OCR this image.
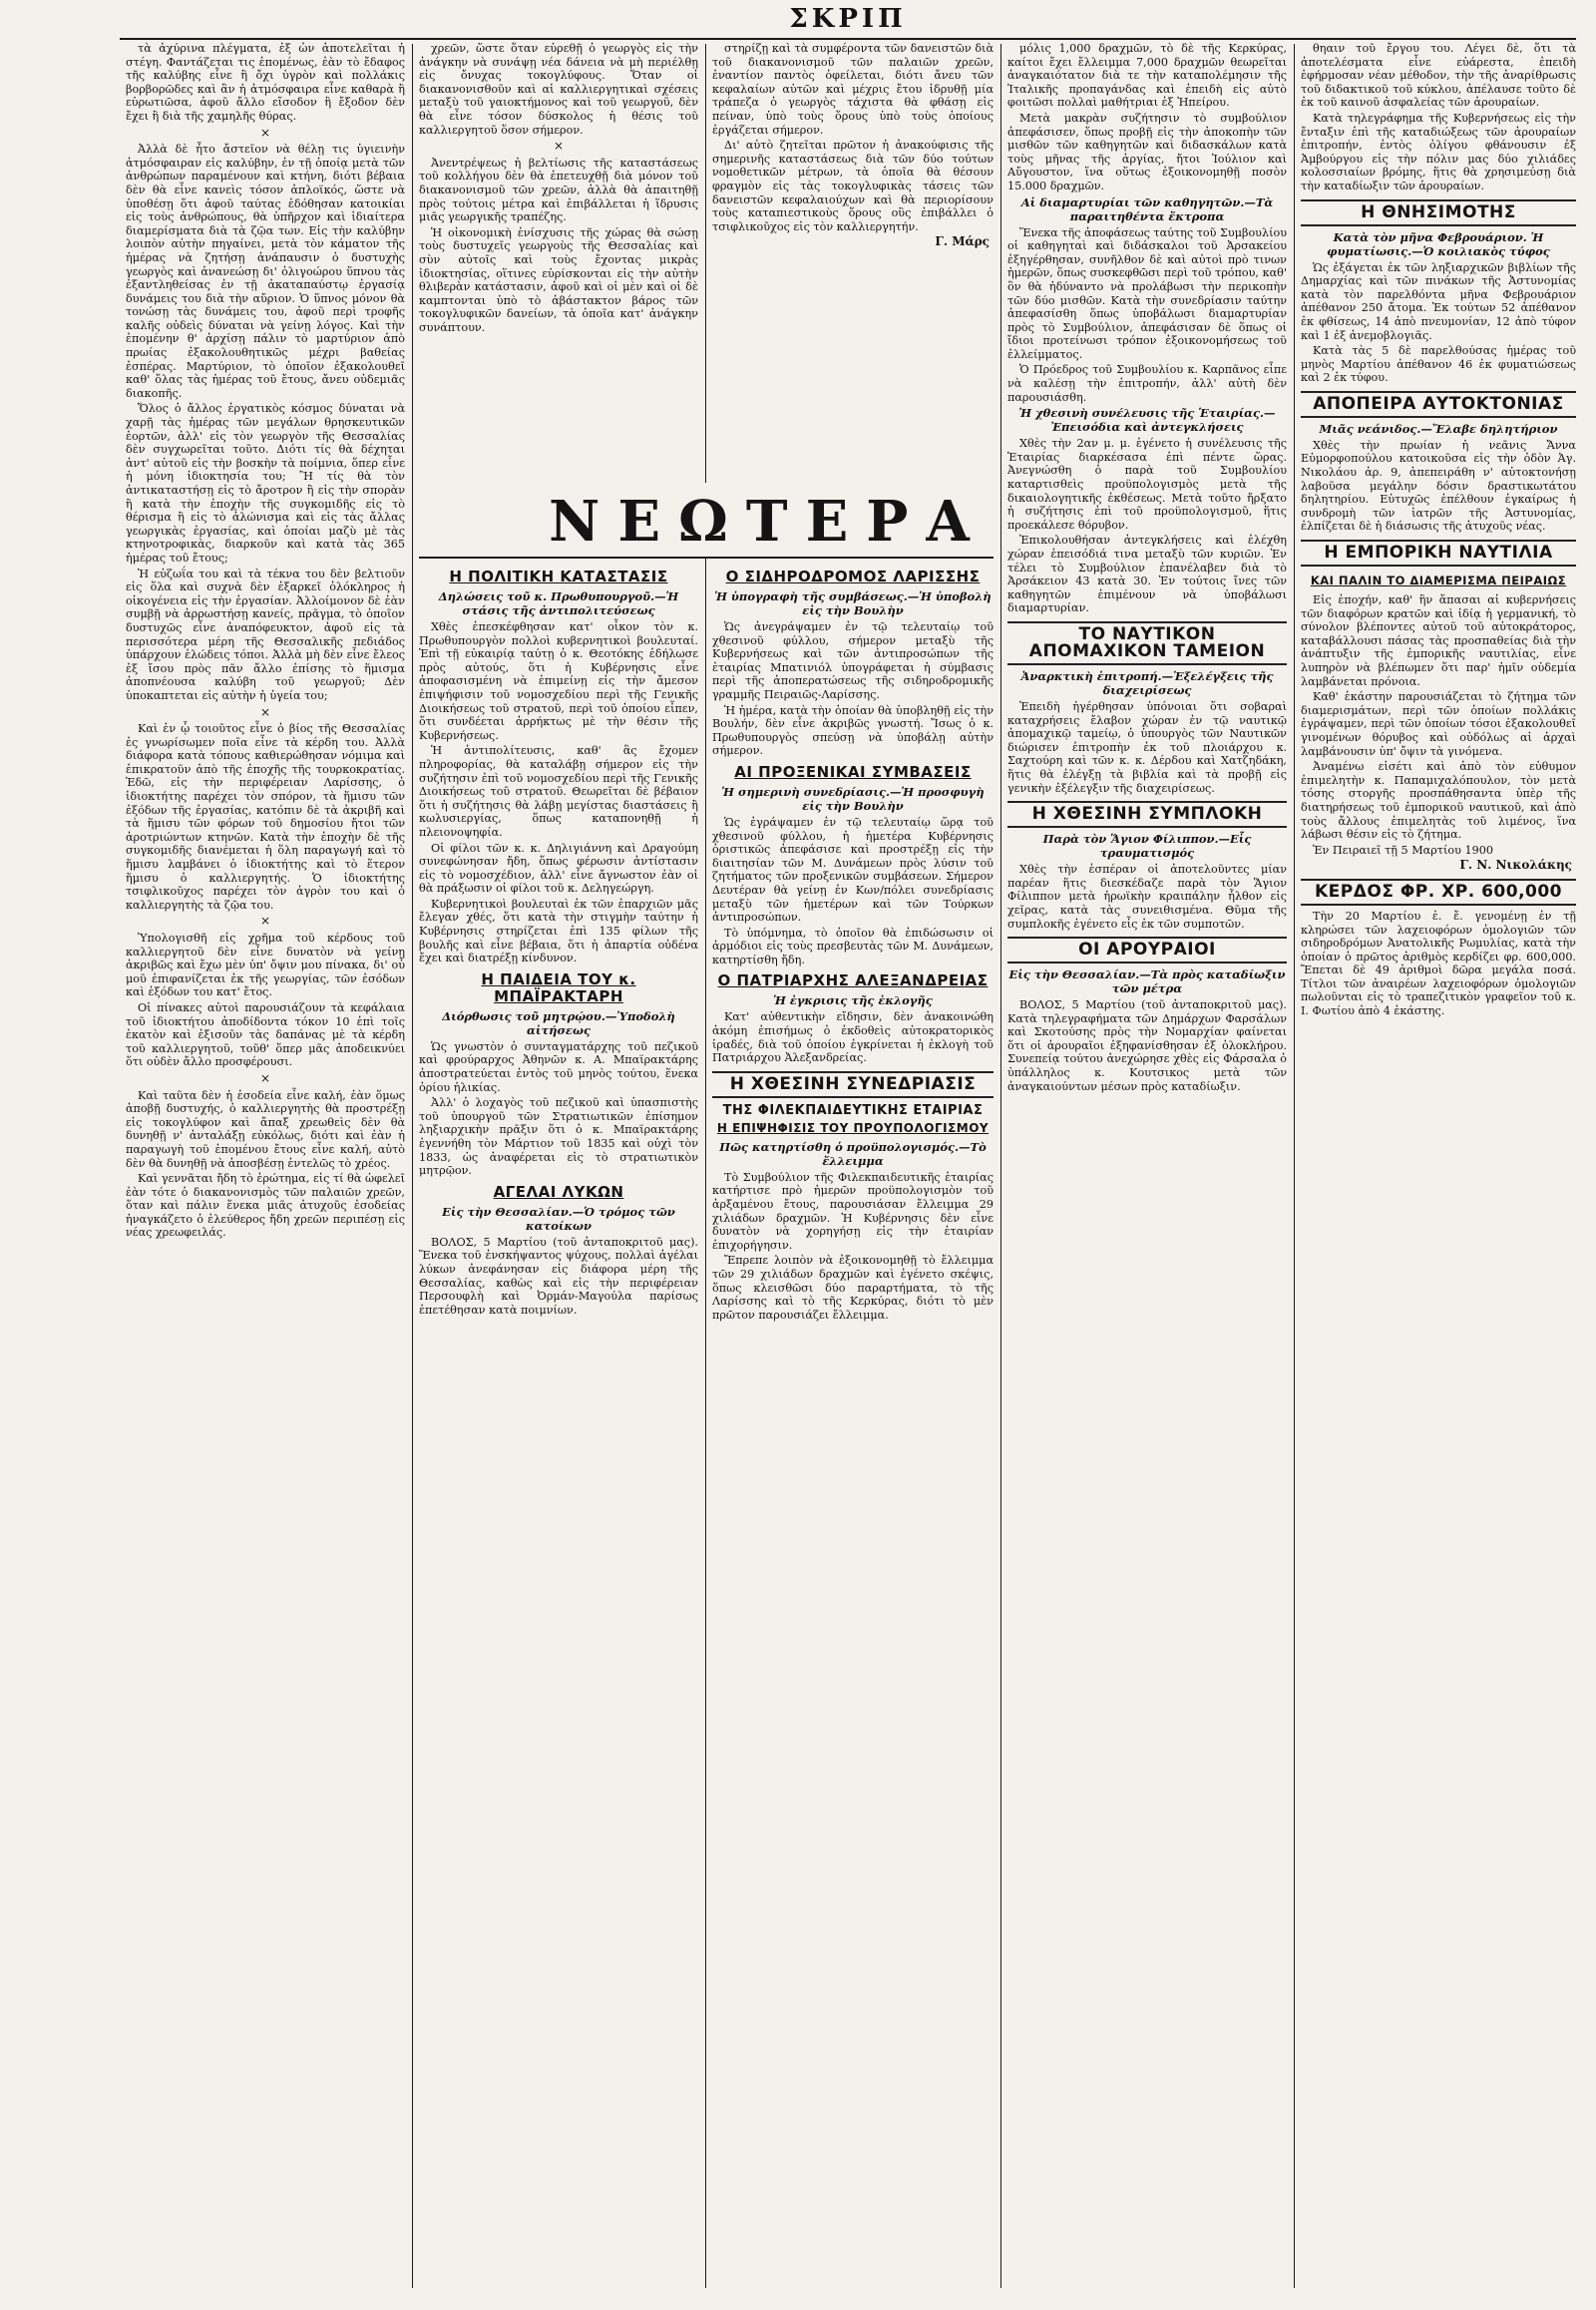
ΣΚΡΙΠ

τὰ ἀχύρινα πλέγματα, ἐξ ὧν ἀποτελεῖται ἡ στέγη. Φαντάζεται τις ἑπομένως, ἐὰν τὸ ἔδαφος τῆς καλύβης εἶνε ἢ ὄχι ὑγρὸν καὶ πολλάκις βορβορῶδες καὶ ἂν ἡ ἀτμόσφαιρα εἶνε καθαρὰ ἢ εὐρωτιῶσα, ἀφοῦ ἄλλο εἴσοδον ἢ ἔξοδον δὲν ἔχει ἢ διὰ τῆς χαμηλῆς θύρας.

×

Ἀλλὰ δὲ ἦτο ἄστεῖον νὰ θέλῃ τις ὑγιεινὴν ἀτμόσφαιραν εἰς καλύβην, ἐν τῇ ὁποίᾳ μετὰ τῶν ἀνθρώπων παραμένουν καὶ κτήνη, διότι βέβαια δὲν θὰ εἶνε κανεὶς τόσον ἀπλοϊκός, ὥστε νὰ ὑποθέσῃ ὅτι ἀφοῦ ταύτας ἐδόθησαν κατοικίαι εἰς τοὺς ἀνθρώπους, θὰ ὑπῆρχον καὶ ἰδιαίτερα διαμερίσματα διὰ τὰ ζῷα των. Εἰς τὴν καλύβην λοιπὸν αὐτὴν πηγαίνει, μετὰ τὸν κάματον τῆς ἡμέρας νὰ ζητήσῃ ἀνάπαυσιν ὁ δυστυχὴς γεωργὸς καὶ ἀνανεώσῃ δι' ὀλιγοώρου ὕπνου τὰς ἐξαντληθείσας ἐν τῇ ἀκαταπαύστῳ ἐργασίᾳ δυνάμεις του διὰ τὴν αὔριον. Ὁ ὕπνος μόνον θὰ τονώσῃ τὰς δυνάμεις του, ἀφοῦ περὶ τροφῆς καλῆς οὐδεὶς δύναται νὰ γείνῃ λόγος. Καὶ τὴν ἐπομένην θ' ἀρχίσῃ πάλιν τὸ μαρτύριον ἀπὸ πρωίας ἐξακολουθητικῶς μέχρι βαθείας ἑσπέρας. Μαρτύριον, τὸ ὁποῖον ἐξακολουθεῖ καθ' ὅλας τὰς ἡμέρας τοῦ ἔτους, ἄνευ οὐδεμιᾶς διακοπῆς.

Ὅλος ὁ ἄλλος ἐργατικὸς κόσμος δύναται νὰ χαρῇ τὰς ἡμέρας τῶν μεγάλων θρησκευτικῶν ἑορτῶν, ἀλλ' εἰς τὸν γεωργὸν τῆς Θεσσαλίας δὲν συγχωρεῖται τοῦτο. Διότι τίς θὰ δέχηται ἀντ' αὐτοῦ εἰς τὴν βοσκὴν τὰ ποίμνια, ὅπερ εἶνε ἡ μόνη ἰδιοκτησία του; Ἢ τίς θὰ τὸν ἀντικαταστήσῃ εἰς τὸ ἄροτρον ἢ εἰς τὴν σπορὰν ἢ κατὰ τὴν ἐποχὴν τῆς συγκομιδῆς εἰς τὸ θέρισμα ἢ εἰς τὸ ἀλώνισμα καὶ εἰς τὰς ἄλλας γεωργικὰς ἐργασίας, καὶ ὁποίαι μαζὺ μὲ τὰς κτηνοτροφικὰς, διαρκοῦν καὶ κατὰ τὰς 365 ἡμέρας τοῦ ἔτους;

Ἡ εὐζωΐα του καὶ τὰ τέκνα του δὲν βελτιοῦν εἰς ὅλα καὶ συχνὰ δὲν ἐξαρκεῖ ὁλόκληρος ἡ οἰκογένεια εἰς τὴν ἐργασίαν. Ἀλλοίμονον δὲ ἐὰν συμβῇ νὰ ἀρρωστήσῃ κανείς, πρᾶγμα, τὸ ὁποῖον δυστυχῶς εἶνε ἀναπόφευκτον, ἀφοῦ εἰς τὰ περισσότερα μέρη τῆς Θεσσαλικῆς πεδιάδος ὑπάρχουν ἑλώδεις τόποι. Ἀλλὰ μὴ δὲν εἶνε ἔλεος ἐξ ἴσου πρὸς πᾶν ἄλλο ἐπίσης τὸ ἥμισμα ἀποπνέουσα καλύβη τοῦ γεωργοῦ; Δὲν ὑποκαπτεται εἰς αὐτὴν ἡ ὑγεία του;

×

Καὶ ἐν ᾧ τοιοῦτος εἶνε ὁ βίος τῆς Θεσσαλίας ἐς γνωρίσωμεν ποῖα εἶνε τὰ κέρδη του. Ἀλλὰ διάφορα κατὰ τόπους καθιερώθησαν νόμιμα καὶ ἐπικρατοῦν ἀπὸ τῆς ἐποχῆς τῆς τουρκοκρατίας. Ἐδῶ, εἰς τὴν περιφέρειαν Λαρίσσης, ὁ ἰδιοκτήτης παρέχει τὸν σπόρον, τὰ ἥμισυ τῶν ἐξόδων τῆς ἐργασίας, κατόπιν δὲ τὰ ἀκριβῆ καὶ τὰ ἥμισυ τῶν φόρων τοῦ δημοσίου ἤτοι τῶν ἀροτριώντων κτηνῶν. Κατὰ τὴν ἐποχὴν δὲ τῆς συγκομιδῆς διανέμεται ἡ ὅλη παραγωγή καὶ τὸ ἥμισυ λαμβάνει ὁ ἰδιοκτήτης καὶ τὸ ἕτερον ἥμισυ ὁ καλλιεργητής. Ὁ ἰδιοκτήτης τσιφλικοῦχος παρέχει τὸν ἀγρὸν του καὶ ὁ καλλιεργητὴς τὰ ζῷα του.

×

Ὑπολογισθῆ εἰς χρῆμα τοῦ κέρδους τοῦ καλλιεργητοῦ δὲν εἶνε δυνατὸν νὰ γείνῃ ἀκριβῶς καὶ ἔχω μὲν ὑπ' ὄψιν μου πίνακα, δι' οὗ μοῦ ἐπιφανίζεται ἐκ τῆς γεωργίας, τῶν ἐσόδων καὶ ἐξόδων του κατ' ἔτος.

Οἱ πίνακες αὐτοὶ παρουσιάζουν τὰ κεφάλαια τοῦ ἰδιοκτήτου ἀποδίδοντα τόκον 10 ἐπὶ τοῖς ἑκατὸν καὶ ἐξισοῦν τὰς δαπάνας μὲ τὰ κέρδη τοῦ καλλιεργητοῦ, τοῦθ' ὅπερ μᾶς ἀποδεικνύει ὅτι οὐδὲν ἄλλο προσφέρουσι.

×

Καὶ ταῦτα δὲν ἡ ἐσοδεία εἶνε καλή, ἐὰν ὅμως ἀποβῇ δυστυχής, ὁ καλλιεργητὴς θὰ προστρέξῃ εἰς τοκογλύφον καὶ ἄπαξ χρεωθεὶς δὲν θὰ δυνηθῇ ν' ἀνταλάξῃ εὐκόλως, διότι καὶ ἐὰν ἡ παραγωγὴ τοῦ ἑπομένου ἔτους εἶνε καλή, αὐτὸ δὲν θὰ δυνηθῇ νὰ ἀποσβέσῃ ἐντελῶς τὸ χρέος.

Καὶ γεννᾶται ἤδη τὸ ἐρώτημα, εἰς τί θὰ ὠφελεῖ ἐὰν τότε ὁ διακανονισμὸς τῶν παλαιῶν χρεῶν, ὅταν καὶ πάλιν ἕνεκα μιᾶς ἀτυχοῦς ἐσοδείας ἠναγκάζετο ὁ ἐλεύθερος ἤδη χρεῶν περιπέσῃ εἰς νέας χρεωφειλάς.

χρεῶν, ὥστε ὅταν εὑρεθῇ ὁ γεωργὸς εἰς τὴν ἀνάγκην νὰ συνάψῃ νέα δάνεια νὰ μὴ περιέλθῃ εἰς ὄνυχας τοκογλύφους. Ὅταν οἱ διακανονισθοῦν καὶ αἱ καλλιεργητικαὶ σχέσεις μεταξὺ τοῦ γαιοκτήμονος καὶ τοῦ γεωργοῦ, δὲν θὰ εἶνε τόσον δύσκολος ἡ θέσις τοῦ καλλιεργητοῦ ὅσον σήμερον.

×

Ἀνεντρέψεως ἡ βελτίωσις τῆς καταστάσεως τοῦ κολλήγου δὲν θὰ ἐπετευχθῇ διὰ μόνον τοῦ διακανονισμοῦ τῶν χρεῶν, ἀλλὰ θὰ ἀπαιτηθῇ πρὸς τούτοις μέτρα καὶ ἐπιβάλλεται ἡ ἵδρυσις μιᾶς γεωργικῆς τραπέζης.

Ἡ οἰκονομικὴ ἐνίσχυσις τῆς χώρας θὰ σώσῃ τοὺς δυστυχεῖς γεωργοὺς τῆς Θεσσαλίας καὶ σὺν αὐτοῖς καὶ τοὺς ἔχοντας μικρὰς ἰδιοκτησίας, οἵτινες εὑρίσκονται εἰς τὴν αὐτὴν θλιβερὰν κατάστασιν, ἀφοῦ καὶ οἱ μὲν καὶ οἱ δὲ καμπτονται ὑπὸ τὸ ἀβάστακτον βάρος τῶν τοκογλυφικῶν δανείων, τὰ ὁποῖα κατ' ἀνάγκην συνάπτουν.

στηρίζῃ καὶ τὰ συμφέροντα τῶν δανειστῶν διὰ τοῦ διακανονισμοῦ τῶν παλαιῶν χρεῶν, ἐναντίον παντὸς ὀφείλεται, διότι ἄνευ τῶν κεφαλαίων αὐτῶν καὶ μέχρις ἔτου ἱδρυθῇ μία τράπεζα ὁ γεωργὸς τάχιστα θὰ φθάσῃ εἰς πείναν, ὑπὸ τοὺς ὅρους ὑπὸ τοὺς ὁποίους ἐργάζεται σήμερον.

Δι' αὐτὸ ζητεῖται πρῶτον ἡ ἀνακούφισις τῆς σημερινῆς καταστάσεως διὰ τῶν δύο τούτων νομοθετικῶν μέτρων, τὰ ὁποῖα θὰ θέσουν φραγμὸν εἰς τὰς τοκογλυφικὰς τάσεις τῶν δανειστῶν κεφαλαιούχων καὶ θὰ περιορίσουν τοὺς καταπιεστικοὺς ὅρους οὓς ἐπιβάλλει ὁ τσιφλικοῦχος εἰς τὸν καλλιεργητήν.

Γ. Μάρς
ΝΕΩΤΕΡΑ
Η ΠΟΛΙΤΙΚΗ ΚΑΤΑΣΤΑΣΙΣ
Δηλώσεις τοῦ κ. Πρωθυπουργοῦ.—Ἡ στάσις τῆς ἀντιπολιτεύσεως

Χθὲς ἐπεσκέφθησαν κατ' οἶκον τὸν κ. Πρωθυπουργὸν πολλοὶ κυβερνητικοὶ βουλευταί. Ἐπὶ τῇ εὐκαιρίᾳ ταύτῃ ὁ κ. Θεοτόκης ἐδήλωσε πρὸς αὐτούς, ὅτι ἡ Κυβέρνησις εἶνε ἀποφασισμένη νὰ ἐπιμείνῃ εἰς τὴν ἄμεσον ἐπιψήφισιν τοῦ νομοσχεδίου περὶ τῆς Γενικῆς Διοικήσεως τοῦ στρατοῦ, περὶ τοῦ ὁποίου εἶπεν, ὅτι συνδέεται ἀρρήκτως μὲ τὴν θέσιν τῆς Κυβερνήσεως.

Ἡ ἀντιπολίτευσις, καθ' ἃς ἔχομεν πληροφορίας, θὰ καταλάβῃ σήμερον εἰς τὴν συζήτησιν ἐπὶ τοῦ νομοσχεδίου περὶ τῆς Γενικῆς Διοικήσεως τοῦ στρατοῦ. Θεωρεῖται δὲ βέβαιον ὅτι ἡ συζήτησις θὰ λάβῃ μεγίστας διαστάσεις ἢ κωλυσιεργίας, ὅπως καταπονηθῇ ἡ πλειονοψηφία.

Οἱ φίλοι τῶν κ. κ. Δηλιγιάννη καὶ Δραγούμη συνεφώνησαν ἤδη, ὅπως φέρωσιν ἀντίστασιν εἰς τὸ νομοσχέδιον, ἀλλ' εἶνε ἄγνωστον ἐὰν οἱ θὰ πράξωσιν οἱ φίλοι τοῦ κ. Δεληγεώργη.

Κυβερνητικοὶ βουλευταὶ ἐκ τῶν ἐπαρχιῶν μᾶς ἔλεγαν χθές, ὅτι κατὰ τὴν στιγμὴν ταύτην ἡ Κυβέρνησις στηρίζεται ἐπὶ 135 φίλων τῆς βουλῆς καὶ εἶνε βέβαια, ὅτι ἡ ἀπαρτία οὐδένα ἔχει καὶ διατρέξῃ κίνδυνον.

Η ΠΑΙΔΕΙΑ ΤΟΥ κ. ΜΠΑΪΡΑΚΤΑΡΗ
Διόρθωσις τοῦ μητρῴου.—Ὑποδολὴ αἰτήσεως

Ὡς γνωστὸν ὁ συνταγματάρχης τοῦ πεζικοῦ καὶ φρούραρχος Ἀθηνῶν κ. Α. Μπαϊρακτάρης ἀποστρατεύεται ἐντὸς τοῦ μηνὸς τούτου, ἕνεκα ὁρίου ἡλικίας.

Ἀλλ' ὁ λοχαγὸς τοῦ πεζικοῦ καὶ ὑπασπιστὴς τοῦ ὑπουργοῦ τῶν Στρατιωτικῶν ἐπίσημον ληξιαρχικὴν πρᾶξιν ὅτι ὁ κ. Μπαϊρακτάρης ἐγεννήθη τὸν Μάρτιον τοῦ 1835 καὶ οὐχὶ τὸν 1833, ὡς ἀναφέρεται εἰς τὸ στρατιωτικὸν μητρῷον.

ΑΓΕΛΑΙ ΛΥΚΩΝ
Εἰς τὴν Θεσσαλίαν.—Ὁ τρόμος τῶν κατοίκων

ΒΟΛΟΣ, 5 Μαρτίου (τοῦ ἀνταποκριτοῦ μας). Ἕνεκα τοῦ ἐνσκήψαντος ψύχους, πολλαὶ ἀγέλαι λύκων ἀνεφάνησαν εἰς διάφορα μέρη τῆς Θεσσαλίας, καθὼς καὶ εἰς τὴν περιφέρειαν Περσουφλὴ καὶ Ὀρμάν-Μαγούλα παρίσως ἐπετέθησαν κατὰ ποιμνίων.

Ο ΣΙΔΗΡΟΔΡΟΜΟΣ ΛΑΡΙΣΣΗΣ
Ἡ ὑπογραφὴ τῆς συμβάσεως.—Ἡ ὑποβολὴ εἰς τὴν Βουλὴν

Ὡς ἀνεγράψαμεν ἐν τῷ τελευταίῳ τοῦ χθεσινοῦ φύλλου, σήμερον μεταξὺ τῆς Κυβερνήσεως καὶ τῶν ἀντιπροσώπων τῆς ἑταιρίας Μπατινιόλ ὑπογράφεται ἡ σύμβασις περὶ τῆς ἀποπερατώσεως τῆς σιδηροδρομικῆς γραμμῆς Πειραιῶς-Λαρίσσης.

Ἡ ἡμέρα, κατὰ τὴν ὁποίαν θὰ ὑποβληθῇ εἰς τὴν Βουλήν, δὲν εἶνε ἀκριβῶς γνωστή. Ἴσως ὁ κ. Πρωθυπουργὸς σπεύσῃ νὰ ὑποβάλῃ αὐτὴν σήμερον.

ΑΙ ΠΡΟΞΕΝΙΚΑΙ ΣΥΜΒΑΣΕΙΣ
Ἡ σημερινὴ συνεδρίασις.—Ἡ προσφυγὴ εἰς τὴν Βουλὴν

Ὡς ἐγράψαμεν ἐν τῷ τελευταίῳ ὥρᾳ τοῦ χθεσινοῦ φύλλου, ἡ ἡμετέρα Κυβέρνησις ὁριστικῶς ἀπεφάσισε καὶ προστρέξῃ εἰς τὴν διαιτησίαν τῶν Μ. Δυνάμεων πρὸς λύσιν τοῦ ζητήματος τῶν προξενικῶν συμβάσεων. Σήμερον Δευτέραν θὰ γείνῃ ἐν Κων/πόλει συνεδρίασις μεταξὺ τῶν ἡμετέρων καὶ τῶν Τούρκων ἀντιπροσώπων.

Τὸ ὑπόμνημα, τὸ ὁποῖον θὰ ἐπιδώσωσιν οἱ ἀρμόδιοι εἰς τοὺς πρεσβευτὰς τῶν Μ. Δυνάμεων, κατηρτίσθη ἤδη.

Ο ΠΑΤΡΙΑΡΧΗΣ ΑΛΕΞΑΝΔΡΕΙΑΣ
Ἡ ἐγκρισις τῆς ἐκλογῆς

Κατ' αὐθεντικὴν εἴδησιν, δὲν ἀνακοινώθη ἀκόμη ἐπισήμως ὁ ἐκδοθεὶς αὐτοκρατορικὸς ἰραδές, διὰ τοῦ ὁποίου ἐγκρίνεται ἡ ἐκλογὴ τοῦ Πατριάρχου Ἀλεξανδρείας.

Η ΧΘΕΣΙΝΗ ΣΥΝΕΔΡΙΑΣΙΣ
ΤΗΣ ΦΙΛΕΚΠΑΙΔΕΥΤΙΚΗΣ ΕΤΑΙΡΙΑΣ
Η ΕΠΙΨΗΦΙΣΙΣ ΤΟΥ ΠΡΟΥΠΟΛΟΓΙΣΜΟΥ
Πῶς κατηρτίσθη ὁ προϋπολογισμός.—Τὸ ἔλλειμμα

Τὸ Συμβούλιον τῆς Φιλεκπαιδευτικῆς ἑταιρίας κατήρτισε πρὸ ἡμερῶν προϋπολογισμὸν τοῦ ἀρξαμένου ἔτους, παρουσιάσαν ἔλλειμμα 29 χιλιάδων δραχμῶν. Ἡ Κυβέρνησις δὲν εἶνε δυνατὸν νὰ χορηγήσῃ εἰς τὴν ἑταιρίαν ἐπιχορήγησιν.

Ἔπρεπε λοιπὸν νὰ ἐξοικονομηθῇ τὸ ἔλλειμμα τῶν 29 χιλιάδων δραχμῶν καὶ ἐγένετο σκέψις, ὅπως κλεισθῶσι δύο παραρτήματα, τὸ τῆς Λαρίσσης καὶ τὸ τῆς Κερκύρας, διότι τὸ μὲν πρῶτον παρουσιάζει ἔλλειμμα.

μόλις 1,000 δραχμῶν, τὸ δὲ τῆς Κερκύρας, καίτοι ἔχει ἔλλειμμα 7,000 δραχμῶν θεωρεῖται ἀναγκαιότατον διὰ τε τὴν καταπολέμησιν τῆς Ἰταλικῆς προπαγάνδας καὶ ἐπειδὴ εἰς αὐτὸ φοιτῶσι πολλαὶ μαθήτριαι ἐξ Ἠπείρου.

Μετὰ μακρὰν συζήτησιν τὸ συμβούλιον ἀπεφάσισεν, ὅπως προβῇ εἰς τὴν ἀποκοπὴν τῶν μισθῶν τῶν καθηγητῶν καὶ διδασκάλων κατὰ τοὺς μῆνας τῆς ἀργίας, ἤτοι Ἰούλιον καὶ Αὔγουστον, ἵνα οὕτως ἐξοικονομηθῇ ποσὸν 15.000 δραχμῶν.

Αἱ διαμαρτυρίαι τῶν καθηγητῶν.—Τὰ παραιτηθέντα ἔκτροπα

Ἕνεκα τῆς ἀποφάσεως ταύτης τοῦ Συμβουλίου οἱ καθηγηταὶ καὶ διδάσκαλοι τοῦ Ἀρσακείου ἐξηγέρθησαν, συνῆλθον δὲ καὶ αὐτοὶ πρὸ τινων ἡμερῶν, ὅπως συσκεφθῶσι περὶ τοῦ τρόπου, καθ' ὃν θὰ ἠδύναντο νὰ προλάβωσι τὴν περικοπὴν τῶν δύο μισθῶν. Κατὰ τὴν συνεδρίασιν ταύτην ἀπεφασίσθη ὅπως ὑποβάλωσι διαμαρτυρίαν πρὸς τὸ Συμβούλιον, ἀπεφάσισαν δὲ ὅπως οἱ ἴδιοι προτείνωσι τρόπον ἐξοικονομήσεως τοῦ ἐλλείμματος.

Ὁ Πρόεδρος τοῦ Συμβουλίου κ. Καρπᾶνος εἶπε νὰ καλέσῃ τὴν ἐπιτροπήν, ἀλλ' αὐτὴ δὲν παρουσιάσθη.

Ἡ χθεσινὴ συνέλευσις τῆς Ἑταιρίας.—Ἐπεισόδια καὶ ἀντεγκλήσεις

Χθὲς τὴν 2αν μ. μ. ἐγένετο ἡ συνέλευσις τῆς Ἑταιρίας διαρκέσασα ἐπὶ πέντε ὥρας. Ἀνεγνώσθη ὁ παρὰ τοῦ Συμβουλίου καταρτισθεὶς προϋπολογισμὸς μετὰ τῆς δικαιολογητικῆς ἐκθέσεως. Μετὰ τοῦτο ἤρξατο ἡ συζήτησις ἐπὶ τοῦ προϋπολογισμοῦ, ἥτις προεκάλεσε θόρυβον.

Ἐπικολουθήσαν ἀντεγκλήσεις καὶ ἐλέχθη χώραν ἐπεισόδιά τινα μεταξὺ τῶν κυριῶν. Ἐν τέλει τὸ Συμβούλιον ἐπανέλαβεν διὰ τὸ Ἀρσάκειον 43 κατὰ 30. Ἐν τούτοις ἴνες τῶν καθηγητῶν ἐπιμένουν νὰ ὑποβάλωσι διαμαρτυρίαν.

ΤΟ ΝΑΥΤΙΚΟΝ ΑΠΟΜΑΧΙΚΟΝ ΤΑΜΕΙΟΝ
Ἀναρκτικὴ ἐπιτροπή.—Ἐξελέγξεις τῆς διαχειρίσεως

Ἐπειδὴ ἠγέρθησαν ὑπόνοιαι ὅτι σοβαραὶ καταχρήσεις ἔλαβον χώραν ἐν τῷ ναυτικῷ ἀπομαχικῷ ταμείῳ, ὁ ὑπουργὸς τῶν Ναυτικῶν διώρισεν ἐπιτροπὴν ἐκ τοῦ πλοιάρχου κ. Σαχτούρη καὶ τῶν κ. κ. Δέρδου καὶ Χατζηδάκη, ἥτις θὰ ἐλέγξῃ τὰ βιβλία καὶ τὰ προβῇ εἰς γενικὴν ἐξέλεγξιν τῆς διαχειρίσεως.

Η ΧΘΕΣΙΝΗ ΣΥΜΠΛΟΚΗ
Παρὰ τὸν Ἅγιον Φίλιππον.—Εἷς τραυματισμός

Χθὲς τὴν ἑσπέραν οἱ ἀποτελοῦντες μίαν παρέαν ἥτις διεσκέδαζε παρὰ τὸν Ἅγιον Φίλιππον μετὰ ἡρωϊκὴν κραιπάλην ἦλθον εἰς χεῖρας, κατὰ τὰς συνειθισμένα. Θῦμα τῆς συμπλοκῆς ἐγένετο εἷς ἐκ τῶν συμποτῶν.

ΟΙ ΑΡΟΥΡΑΙΟΙ
Εἰς τὴν Θεσσαλίαν.—Τὰ πρὸς καταδίωξιν τῶν μέτρα

ΒΟΛΟΣ, 5 Μαρτίου (τοῦ ἀνταποκριτοῦ μας). Κατὰ τηλεγραφήματα τῶν Δημάρχων Φαρσάλων καὶ Σκοτούσης πρὸς τὴν Νομαρχίαν φαίνεται ὅτι οἱ ἀρουραῖοι ἐξηφανίσθησαν ἐξ ὁλοκλήρου. Συνεπείᾳ τούτου ἀνεχώρησε χθὲς εἰς Φάρσαλα ὁ ὑπάλληλος κ. Κουτσικος μετὰ τῶν ἀναγκαιούντων μέσων πρὸς καταδίωξιν.

θηαιν τοῦ ἔργου του. Λέγει δὲ, ὅτι τὰ ἀποτελέσματα εἶνε εὐάρεστα, ἐπειδὴ ἐφήρμοσαν νέαν μέθοδον, τὴν τῆς ἀναρίθρωσις τοῦ διδακτικοῦ τοῦ κύκλου, ἀπέλαυσε τοῦτο δὲ ἐκ τοῦ καινοῦ ἀσφαλείας τῶν ἀρουραίων.

Κατὰ τηλεγράφημα τῆς Κυβερνήσεως εἰς τὴν ἔνταξιν ἐπὶ τῆς καταδιώξεως τῶν ἀρουραίων ἐπιτροπήν, ἐντὸς ὀλίγου φθάνουσιν ἐξ Ἀμβούργου εἰς τὴν πόλιν μας δύο χιλιάδες κολοσσιαίων βρόμης, ἥτις θὰ χρησιμεύσῃ διὰ τὴν καταδίωξιν τῶν ἀρουραίων.

Η ΘΝΗΣΙΜΟΤΗΣ
Κατὰ τὸν μῆνα Φεβρουάριον. Ἡ φυματίωσις.—Ὁ κοιλιακὸς τύφος

Ὡς ἐξάγεται ἐκ τῶν ληξιαρχικῶν βιβλίων τῆς Δημαρχίας καὶ τῶν πινάκων τῆς Ἀστυνομίας κατὰ τὸν παρελθόντα μῆνα Φεβρουάριον ἀπέθανον 250 ἄτομα. Ἐκ τούτων 52 ἀπέθανον ἐκ φθίσεως, 14 ἀπὸ πνευμονίαν, 12 ἀπὸ τύφον καὶ 1 ἐξ ἀνεμοβλογιᾶς.

Κατὰ τὰς 5 δὲ παρελθούσας ἡμέρας τοῦ μηνὸς Μαρτίου ἀπέθανον 46 ἐκ φυματιώσεως καὶ 2 ἐκ τύφου.

ΑΠΟΠΕΙΡΑ ΑΥΤΟΚΤΟΝΙΑΣ
Μιᾶς νεάνιδος.—Ἔλαβε δηλητήριον

Χθὲς τὴν πρωίαν ἡ νεᾶνις Ἄννα Εὐμορφοπούλου κατοικοῦσα εἰς τὴν ὁδὸν Ἀγ. Νικολάου ἀρ. 9, ἀπεπειράθη ν' αὐτοκτονήσῃ λαβοῦσα μεγάλην δόσιν δραστικωτάτου δηλητηρίου. Εὐτυχῶς ἐπέλθουν ἐγκαίρως ἡ συνδρομὴ τῶν ἰατρῶν τῆς Ἀστυνομίας, ἐλπίζεται δὲ ἡ διάσωσις τῆς ἀτυχοῦς νέας.

Η ΕΜΠΟΡΙΚΗ ΝΑΥΤΙΛΙΑ
ΚΑΙ ΠΑΛΙΝ ΤΟ ΔΙΑΜΕΡΙΣΜΑ ΠΕΙΡΑΙΩΣ

Εἰς ἐποχήν, καθ' ἣν ἅπασαι αἱ κυβερνήσεις τῶν διαφόρων κρατῶν καὶ ἰδίᾳ ἡ γερμανική, τὸ σύνολον βλέποντες αὐτοῦ τοῦ αὐτοκράτορος, καταβάλλουσι πάσας τὰς προσπαθείας διὰ τὴν ἀνάπτυξιν τῆς ἐμπορικῆς ναυτιλίας, εἶνε λυπηρὸν νὰ βλέπωμεν ὅτι παρ' ἡμῖν οὐδεμία λαμβάνεται πρόνοια.

Καθ' ἑκάστην παρουσιάζεται τὸ ζήτημα τῶν διαμερισμάτων, περὶ τῶν ὁποίων πολλάκις ἐγράψαμεν, περὶ τῶν ὁποίων τόσοι ἐξακολουθεῖ γινομένων θόρυβος καὶ οὐδόλως αἱ ἀρχαὶ λαμβάνουσιν ὑπ' ὄψιν τὰ γινόμενα.

Ἀναμένω εἰσέτι καὶ ἀπὸ τὸν εὐθυμον ἐπιμελητὴν κ. Παπαμιχαλόπουλον, τὸν μετὰ τόσης στοργῆς προσπάθησαντα ὑπὲρ τῆς διατηρήσεως τοῦ ἐμπορικοῦ ναυτικοῦ, καὶ ἀπὸ τοὺς ἄλλους ἐπιμελητὰς τοῦ λιμένος, ἵνα λάβωσι θέσιν εἰς τὸ ζήτημα.

Ἐν Πειραιεῖ τῇ 5 Μαρτίου 1900

Γ. Ν. Νικολάκης
ΚΕΡΔΟΣ ΦΡ. ΧΡ. 600,000

Τὴν 20 Μαρτίου ἐ. ἔ. γενομένῃ ἐν τῇ κληρώσει τῶν λαχειοφόρων ὁμολογιῶν τῶν σιδηροδρόμων Ἀνατολικῆς Ρωμυλίας, κατὰ τὴν ὁποίαν ὁ πρῶτος ἀριθμὸς κερδίζει φρ. 600,000. Ἔπεται δὲ 49 ἀριθμοὶ δῶρα μεγάλα ποσά. Τίτλοι τῶν ἀναιρέων λαχειοφόρων ὁμολογιῶν πωλοῦνται εἰς τὸ τραπεζιτικὸν γραφεῖον τοῦ κ. Ι. Φωτίου ἀπὸ 4 ἐκάστης.
